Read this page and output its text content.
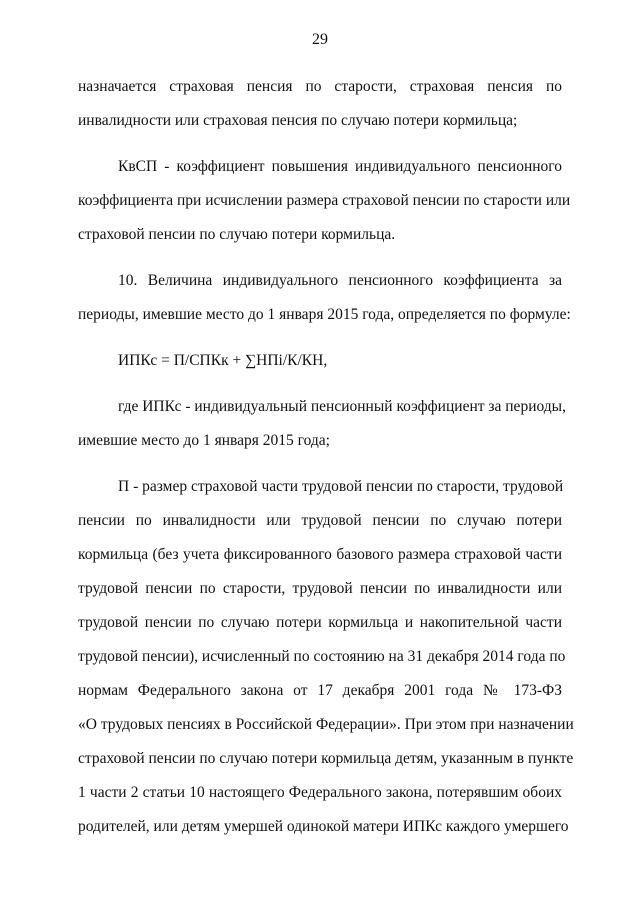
29
назначается страховая пенсия по старости, страховая пенсия по
инвалидности или страховая пенсия по случаю потери кормильца;
КвСП - коэффициент повышения индивидуального пенсионного
коэффициента при исчислении размера страховой пенсии по старости или
страховой пенсии по случаю потери кормильца.
10. Величина индивидуального пенсионного коэффициента за
периоды, имевшие место до 1 января 2015 года, определяется по формуле:
ИПКс = П/СПКк + ∑НПi/К/КН,
где ИПКс - индивидуальный пенсионный коэффициент за периоды,
имевшие место до 1 января 2015 года;
П - размер страховой части трудовой пенсии по старости, трудовой
пенсии по инвалидности или трудовой пенсии по случаю потери
кормильца (без учета фиксированного базового размера страховой части
трудовой пенсии по старости, трудовой пенсии по инвалидности или
трудовой пенсии по случаю потери кормильца и накопительной части
трудовой пенсии), исчисленный по состоянию на 31 декабря 2014 года по
нормам Федерального закона от 17 декабря 2001 года № 173-ФЗ
«О трудовых пенсиях в Российской Федерации». При этом при назначении
страховой пенсии по случаю потери кормильца детям, указанным в пункте
1 части 2 статьи 10 настоящего Федерального закона, потерявшим обоих
родителей, или детям умершей одинокой матери ИПКс каждого умершего
